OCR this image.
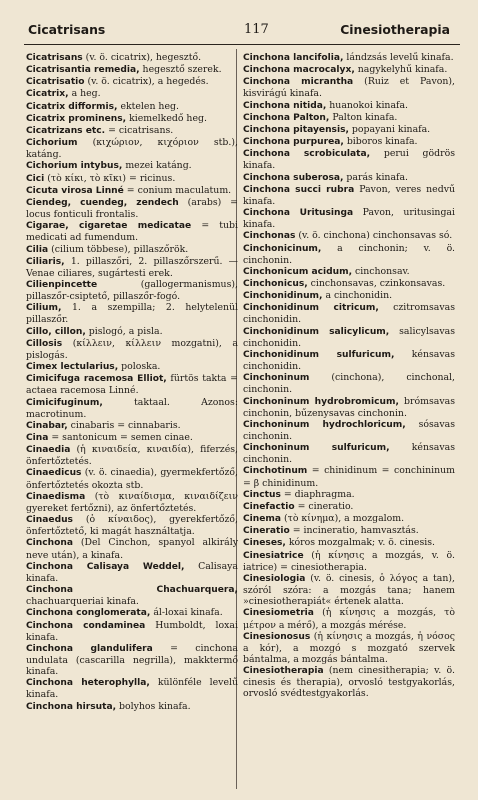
Cicatrisans	117	Cinesiotherapia
Cicatrisans (v. ö. cicatrix), hegesztő.
Cicatrisantia remedia, hegesztő szerek.
Cicatrisatio (v. ö. cicatrix), a hegedés.
Cicatrix, a heg.
Cicatrix difformis, ektelen heg.
Cicatrix prominens, kiemelkedő heg.
Cicatrizans etc. = cicatrisans.
Cichorium (κιχώριον, κιχόριον stb.), katáng.
Cichorium intybus, mezei katáng.
Cici (τὸ κίκι, τὸ κῖκι) = ricinus.
Cicuta virosa Linné = conium maculatum.
Ciendeg, cuendeg, zendech (arabs) = locus fonticuli frontalis.
Cigarae, cigaretae medicatae = tubi medicati ad fumendum.
Cilia (cilium többese), pillaszőrök.
Ciliaris, 1. pillaszőri, 2. pillaszőrszerű. — Venae ciliares, sugártesti erek.
Cilienpincette (gallogermanismus), pillaszőr-csiptető, pillaszőr-fogó.
Cilium, 1. a szempilla; 2. helytelenül pillaszőr.
Cillo, cillon, pislogó, a pisla.
Cillosis (κίλλειν, κίλλειν mozgatni), a pislogás.
Cimex lectularius, poloska.
Cimicifuga racemosa Elliot, fürtös takta = actaea racemosa Linné.
Cimicifuginum, taktaal. Azonos: macrotinum.
Cinabar, cinabaris = cinnabaris.
Cina = santonicum = semen cinae.
Cinaedia (ἡ κιναιδεία, κιναιδία), fiferzés, önfertőztetés.
Cinaedicus (v. ö. cinaedia), gyermekfertőző, önfertőztetés okozta stb.
Cinaedisma (τὸ κιναίδισμα, κιναιδίζειν gyereket fertőzni), az önfertőztetés.
Cinaedus (ὁ κίναιδος), gyerekfertőző, önfertőztető, ki magát használtatja.
Cinchona (Del Cinchon, spanyol alkirály neve után), a kinafa.
Cinchona Calisaya Weddel, Calisaya kinafa.
Cinchona Chachuarquera, chachuarqueriai kinafa.
Cinchona conglomerata, ál-loxai kinafa.
Cinchona condaminea Humboldt, loxai kinafa.
Cinchona glandulifera = cinchona undulata (cascarilla negrilla), makktermő kinafa.
Cinchona heterophylla, különféle levelű kinafa.
Cinchona hirsuta, bolyhos kinafa.
Cinchona lancifolia, lándzsás levelű kinafa.
Cinchona macrocalyx, nagykelyhű kinafa.
Cinchona micrantha (Ruiz et Pavon), kisvirágú kinafa.
Cinchona nitida, huanokoi kinafa.
Cinchona Palton, Palton kinafa.
Cinchona pitayensis, popayani kinafa.
Cinchona purpurea, biboros kinafa.
Cinchona scrobiculata, perui gödrös kinafa.
Cinchona suberosa, parás kinafa.
Cinchona succi rubra Pavon, veres nedvű kinafa.
Cinchona Uritusinga Pavon, uritusingai kinafa.
Cinchonas (v. ö. cinchona) cinchonsavas só.
Cinchonicinum, a cinchonin; v. ö. cinchonin.
Cinchonicum acidum, cinchonsav.
Cinchonicus, cinchonsavas, czinkonsavas.
Cinchonidinum, a cinchonidin.
Cinchonidinum citricum, czitromsavas cinchonidin.
Cinchonidinum salicylicum, salicylsavas cinchonidin.
Cinchonidinum sulfuricum, kénsavas cinchonidin.
Cinchoninum (cinchona), cinchonal, cinchonin.
Cinchoninum hydrobromicum, brómsavas cinchonin, bűzenysavas cinchonin.
Cinchoninum hydrochloricum, sósavas cinchonin.
Cinchoninum sulfuricum, kénsavas cinchonin.
Cinchotinum = chinidinum = conchininum = β chinidinum.
Cinctus = diaphragma.
Cinefactio = cineratio.
Cinema (τὸ κίνημα), a mozgalom.
Cineratio = incineratio, hamvasztás.
Cineses, kóros mozgalmak; v. ö. cinesis.
Cinesiatrice (ἡ κίνησις a mozgás, v. ö. iatrice) = cinesiotherapia.
Cinesiologia (v. ö. cinesis, ὁ λόγος a tan), szóról szóra: a mozgás tana; hanem »cinesiotherapiát« értenek alatta.
Cinesiometria (ἡ κίνησις a mozgás, τὸ μέτρον a mérő), a mozgás mérése.
Cinesionosus (ἡ κίνησις a mozgás, ἡ νόσος a kór), a mozgó s mozgató szervek bántalma, a mozgás bántalma.
Cinesiotherapia (nem cinesitherapia; v. ö. cinesis és therapia), orvosló testgyakorlás, orvosló svédtestgyakorlás.
